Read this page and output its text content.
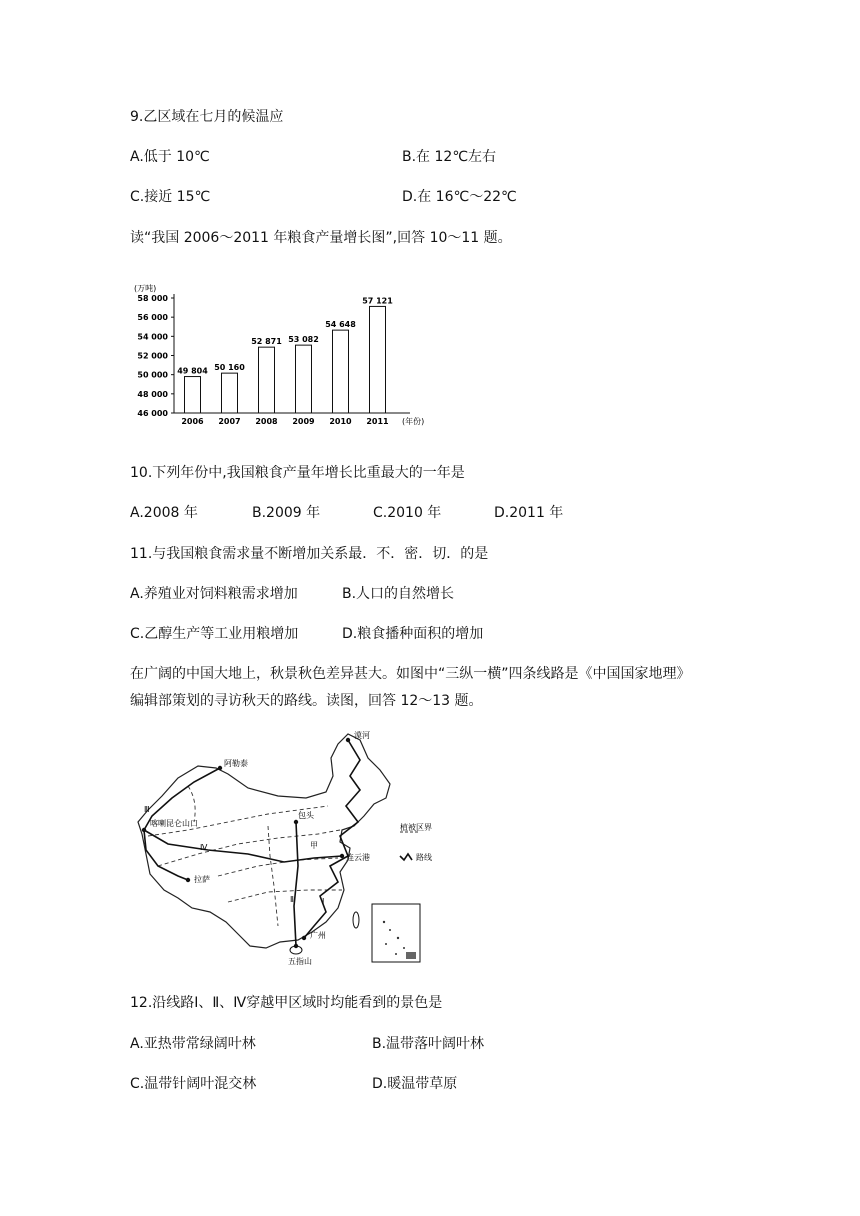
9.乙区域在七月的候温应
A.低于 10℃	B.在 12℃左右
C.接近 15℃	D.在 16℃～22℃
读“我国 2006～2011 年粮食产量增长图”,回答 10～11 题。
(万吨)
46 000
48 000
50 000
52 000
54 000
56 000
58 000
49 804
2006
50 160
2007
52 871
2008
53 082
2009
54 648
2010
57 121
2011 (年份)
10.下列年份中,我国粮食产量年增长比重最大的一年是
A.2008 年	B.2009 年	C.2010 年	D.2011 年
11.与我国粮食需求量不断增加关系最．不．密．切．的是
A.养殖业对饲料粮需求增加	B.人口的自然增长
C.乙醇生产等工业用粮增加	D.粮食播种面积的增加
在广阔的中国大地上，秋景秋色差异甚大。如图中“三纵一横”四条线路是《中国国家地理》
编辑部策划的寻访秋天的路线。读图，回答 12～13 题。
漠河
阿勒泰
喀喇昆仑山口
包头
甲
连云港
拉萨
广州
五指山
Ⅲ
Ⅳ
Ⅱ	Ⅰ
植被区界
路线
12.沿线路Ⅰ、Ⅱ、Ⅳ穿越甲区域时均能看到的景色是
A.亚热带常绿阔叶林	B.温带落叶阔叶林
C.温带针阔叶混交林	D.暖温带草原
